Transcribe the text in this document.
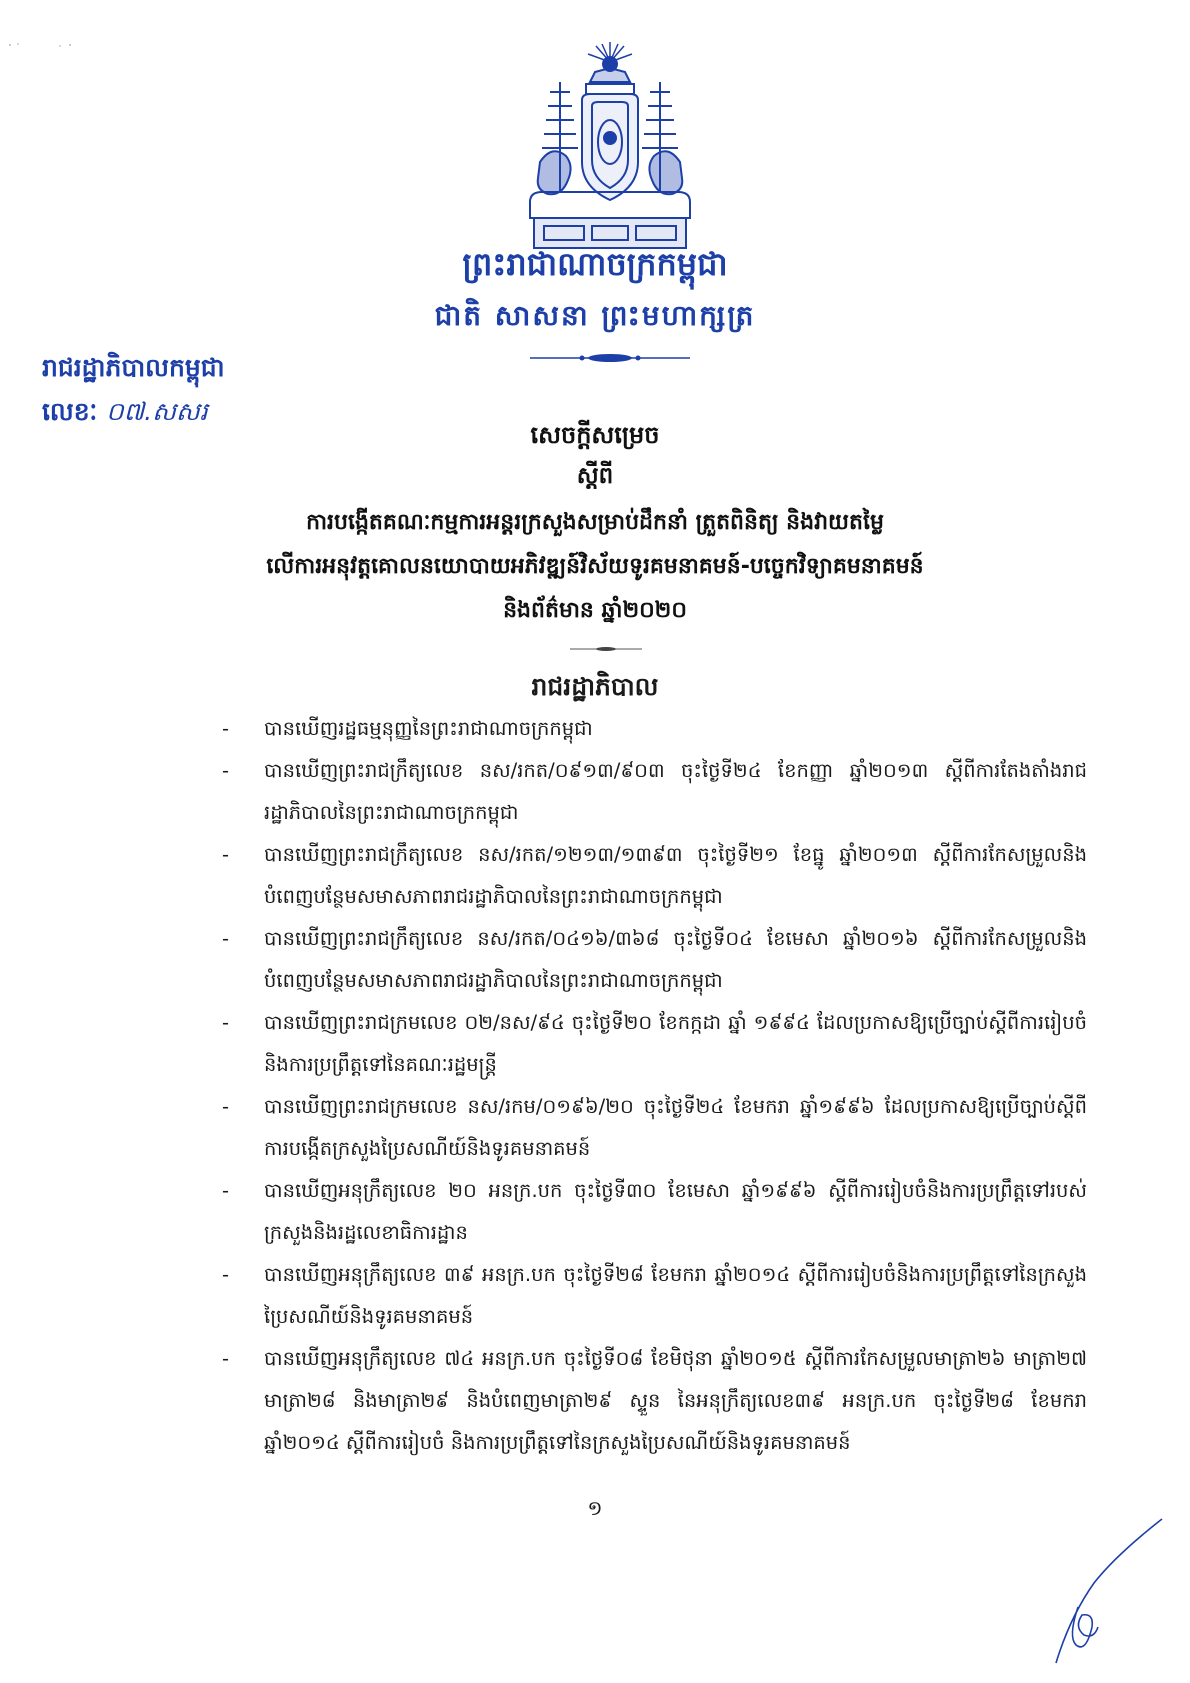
ព្រះរាជាណាចក្រកម្ពុជា
ជាតិ សាសនា ព្រះមហាក្សត្រ
រាជរដ្ឋាភិបាលកម្ពុជា
លេខៈ ០៧.សសរ
សេចក្តីសម្រេច
ស្តីពី
ការបង្កើតគណៈកម្មការអន្តរក្រសួងសម្រាប់ដឹកនាំ ត្រួតពិនិត្យ និងវាយតម្លៃ
លើការអនុវត្តគោលនយោបាយអភិវឌ្ឍន៍វិស័យទូរគមនាគមន៍-បច្ចេកវិទ្យាគមនាគមន៍
និងព័ត៌មាន ឆ្នាំ២០២០
រាជរដ្ឋាភិបាល
- បានឃើញរដ្ឋធម្មនុញ្ញនៃព្រះរាជាណាចក្រកម្ពុជា
- បានឃើញព្រះរាជក្រឹត្យលេខ នស/រកត/០៩១៣/៩០៣ ចុះថ្ងៃទី២៤ ខែកញ្ញា ឆ្នាំ២០១៣ ស្តីពីការតែងតាំងរាជរដ្ឋាភិបាលនៃព្រះរាជាណាចក្រកម្ពុជា
- បានឃើញព្រះរាជក្រឹត្យលេខ នស/រកត/១២១៣/១៣៩៣ ចុះថ្ងៃទី២១ ខែធ្នូ ឆ្នាំ២០១៣ ស្តីពីការកែសម្រួលនិងបំពេញបន្ថែមសមាសភាពរាជរដ្ឋាភិបាលនៃព្រះរាជាណាចក្រកម្ពុជា
- បានឃើញព្រះរាជក្រឹត្យលេខ នស/រកត/០៤១៦/៣៦៨ ចុះថ្ងៃទី០៤ ខែមេសា ឆ្នាំ២០១៦ ស្តីពីការកែសម្រួលនិងបំពេញបន្ថែមសមាសភាពរាជរដ្ឋាភិបាលនៃព្រះរាជាណាចក្រកម្ពុជា
- បានឃើញព្រះរាជក្រមលេខ ០២/នស/៩៤ ចុះថ្ងៃទី២០ ខែកក្កដា ឆ្នាំ ១៩៩៤ ដែលប្រកាសឱ្យប្រើច្បាប់ស្តីពីការរៀបចំនិងការប្រព្រឹត្តទៅនៃគណៈរដ្ឋមន្ត្រី
- បានឃើញព្រះរាជក្រមលេខ នស/រកម/០១៩៦/២០ ចុះថ្ងៃទី២៤ ខែមករា ឆ្នាំ១៩៩៦ ដែលប្រកាសឱ្យប្រើច្បាប់ស្តីពីការបង្កើតក្រសួងប្រៃសណីយ៍និងទូរគមនាគមន៍
- បានឃើញអនុក្រឹត្យលេខ ២០ អនក្រ.បក ចុះថ្ងៃទី៣០ ខែមេសា ឆ្នាំ១៩៩៦ ស្តីពីការរៀបចំនិងការប្រព្រឹត្តទៅរបស់ក្រសួងនិងរដ្ឋលេខាធិការដ្ឋាន
- បានឃើញអនុក្រឹត្យលេខ ៣៩ អនក្រ.បក ចុះថ្ងៃទី២៨ ខែមករា ឆ្នាំ២០១៤ ស្តីពីការរៀបចំនិងការប្រព្រឹត្តទៅនៃក្រសួងប្រៃសណីយ៍និងទូរគមនាគមន៍
- បានឃើញអនុក្រឹត្យលេខ ៧៤ អនក្រ.បក ចុះថ្ងៃទី០៨ ខែមិថុនា ឆ្នាំ២០១៥ ស្តីពីការកែសម្រួលមាត្រា២៦ មាត្រា២៧ មាត្រា២៨ និងមាត្រា២៩ និងបំពេញមាត្រា២៩ ស្ទួន នៃអនុក្រឹត្យលេខ៣៩ អនក្រ.បក ចុះថ្ងៃទី២៨ ខែមករា ឆ្នាំ២០១៤ ស្តីពីការរៀបចំ និងការប្រព្រឹត្តទៅនៃក្រសួងប្រៃសណីយ៍និងទូរគមនាគមន៍
១
